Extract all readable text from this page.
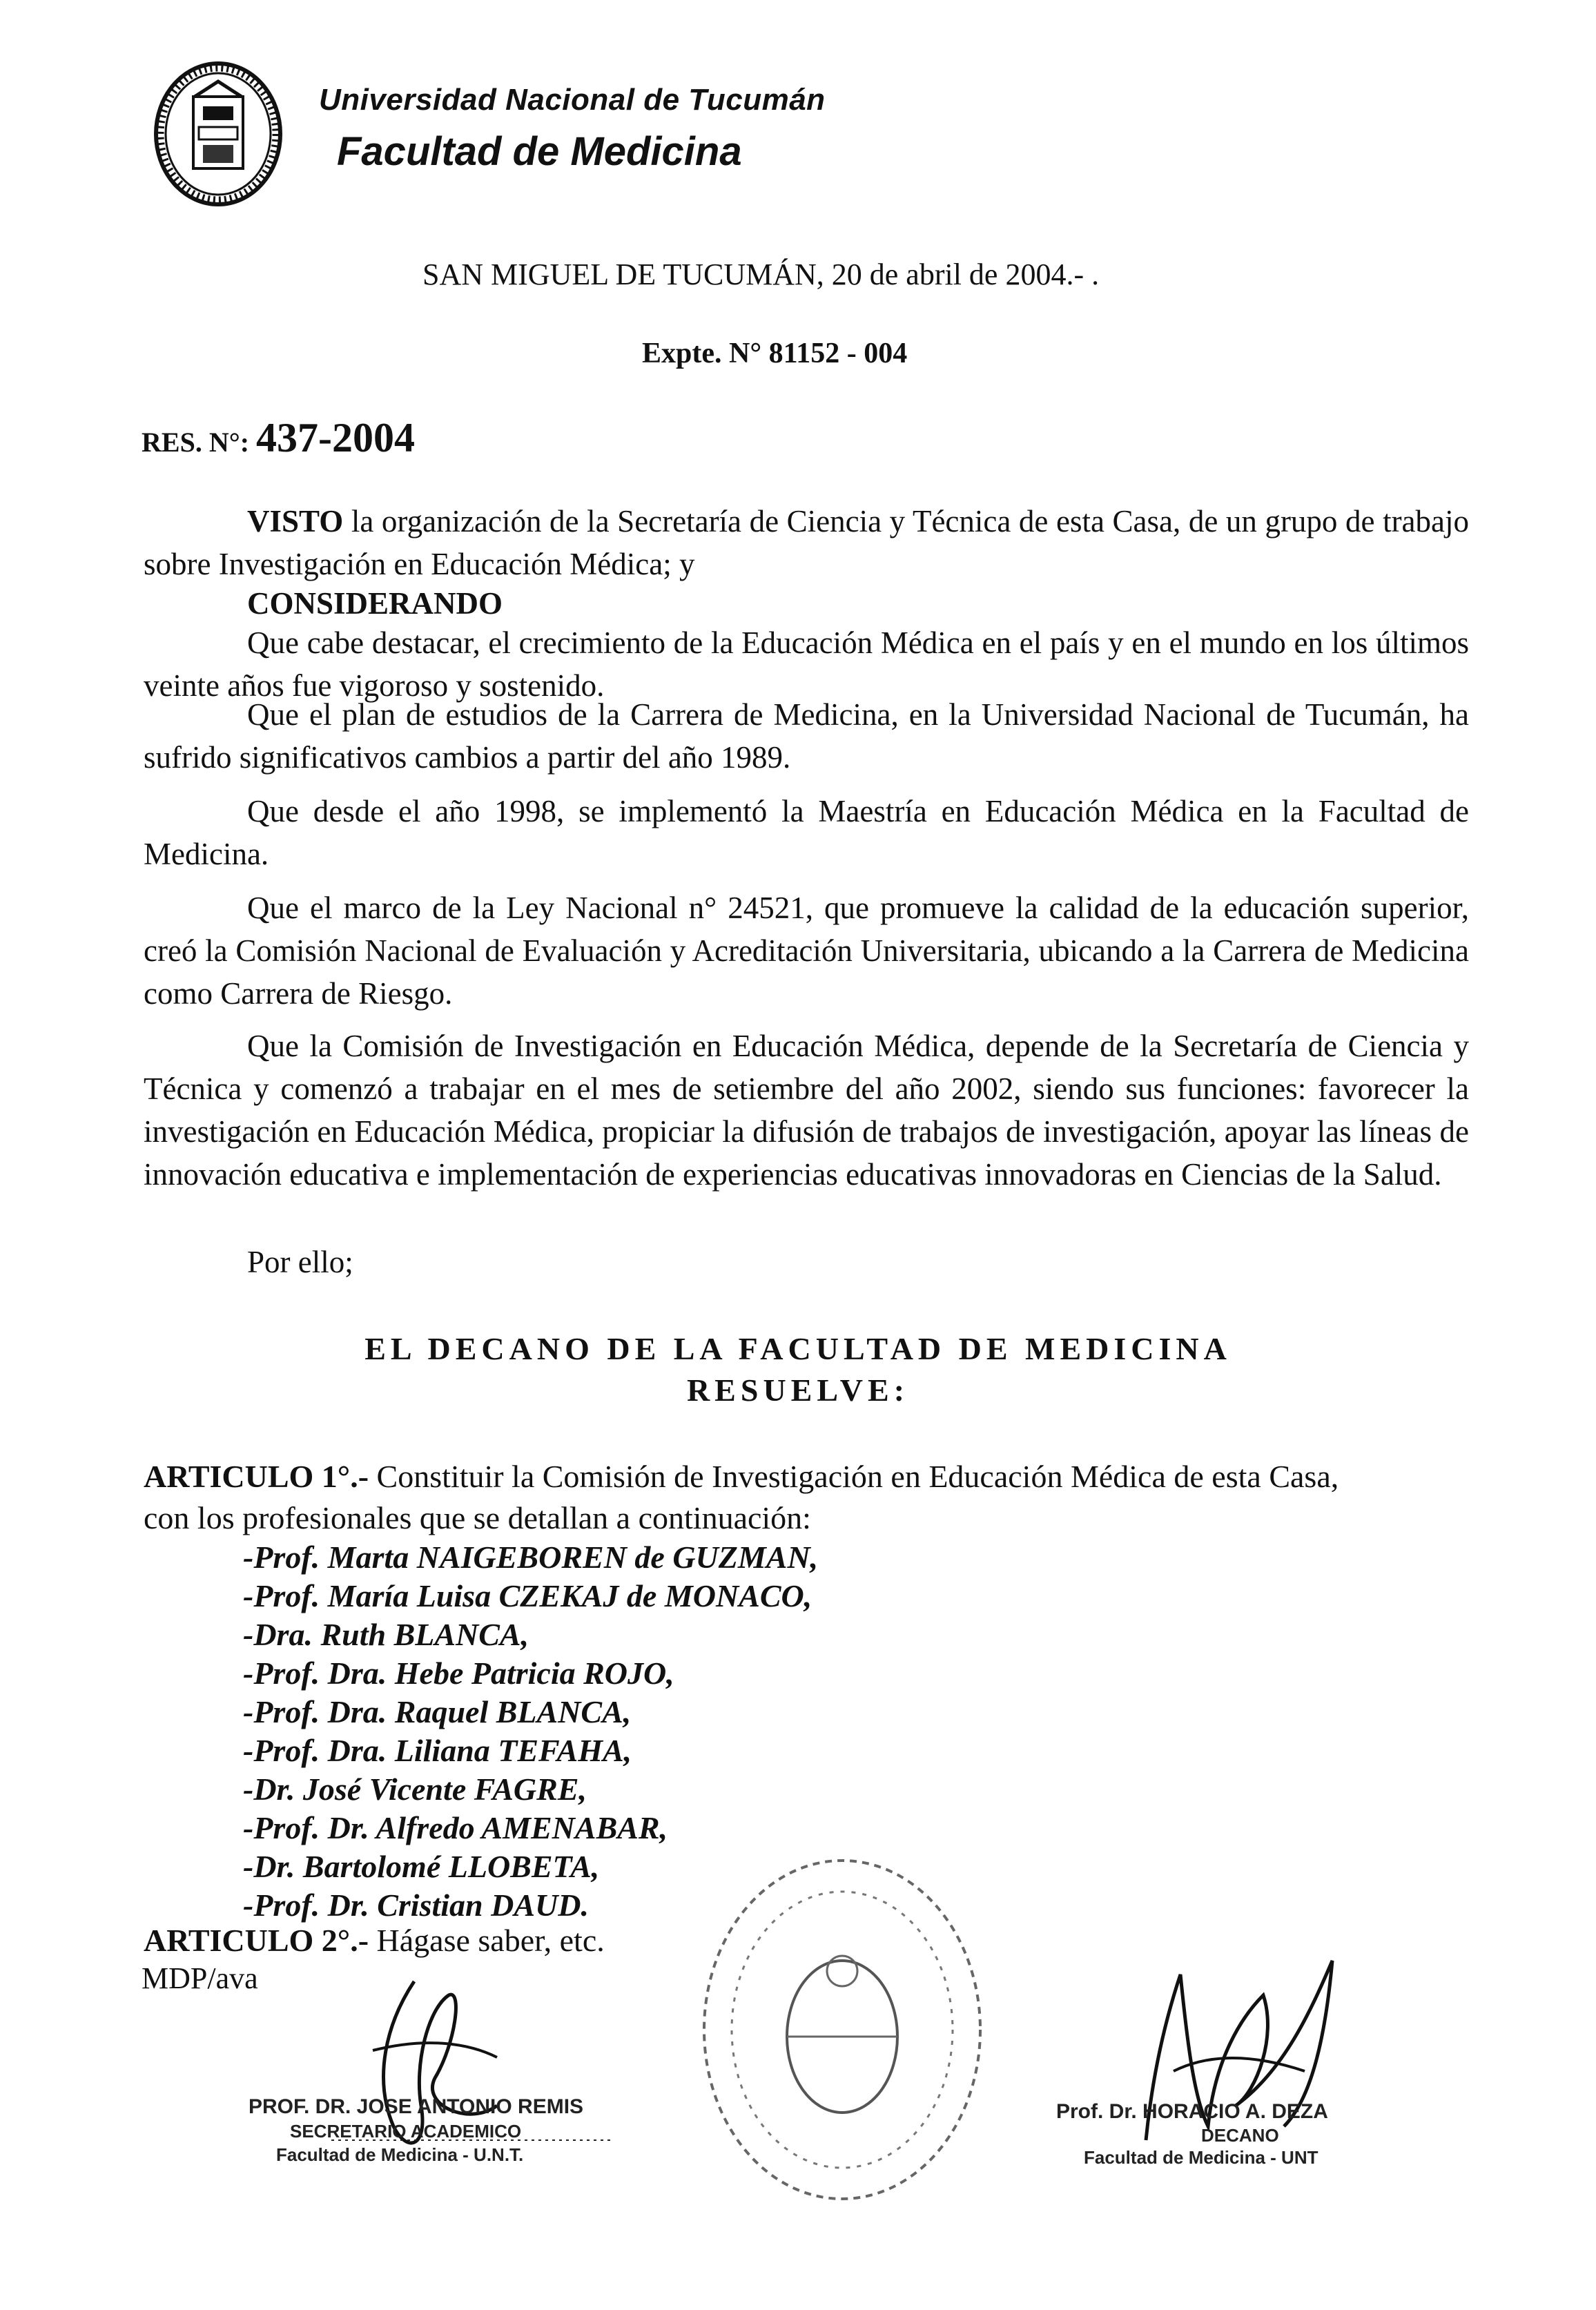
Universidad Nacional de Tucumán
Facultad de Medicina
SAN MIGUEL DE TUCUMÁN, 20 de abril de 2004.- .
Expte. N° 81152 - 004
RES. N°: 437-2004
VISTO la organización de la Secretaría de Ciencia y Técnica de esta Casa, de un grupo de trabajo sobre Investigación en Educación Médica; y
CONSIDERANDO
Que cabe destacar, el crecimiento de la Educación Médica en el país y en el mundo en los últimos veinte años fue vigoroso y sostenido.
Que el plan de estudios de la Carrera de Medicina, en la Universidad Nacional de Tucumán, ha sufrido significativos cambios a partir del año 1989.
Que desde el año 1998, se implementó la Maestría en Educación Médica en la Facultad de Medicina.
Que el marco de la Ley Nacional n° 24521, que promueve la calidad de la educación superior, creó la Comisión Nacional de Evaluación y Acreditación Universitaria, ubicando a la Carrera de Medicina como Carrera de Riesgo.
Que la Comisión de Investigación en Educación Médica, depende de la Secretaría de Ciencia y Técnica y comenzó a trabajar en el mes de setiembre del año 2002, siendo sus funciones: favorecer la investigación en Educación Médica, propiciar la difusión de trabajos de investigación, apoyar las líneas de innovación educativa e implementación de experiencias educativas innovadoras en Ciencias de la Salud.
Por ello;
EL DECANO DE LA FACULTAD DE MEDICINA
RESUELVE:
ARTICULO 1°.- Constituir la Comisión de Investigación en Educación Médica de esta Casa,
con los profesionales que se detallan a continuación:
-Prof. Marta NAIGEBOREN de GUZMAN,
-Prof. María Luisa CZEKAJ de MONACO,
-Dra. Ruth BLANCA,
-Prof. Dra. Hebe Patricia ROJO,
-Prof. Dra. Raquel BLANCA,
-Prof. Dra. Liliana TEFAHA,
-Dr. José Vicente FAGRE,
-Prof. Dr. Alfredo AMENABAR,
-Dr. Bartolomé LLOBETA,
-Prof. Dr. Cristian DAUD.
ARTICULO 2°.- Hágase saber, etc.
MDP/ava
PROF. DR. JOSE ANTONIO REMIS
SECRETARIO ACADEMICO
Facultad de Medicina - U.N.T.
Prof. Dr. HORACIO A. DEZA
DECANO
Facultad de Medicina - UNT
